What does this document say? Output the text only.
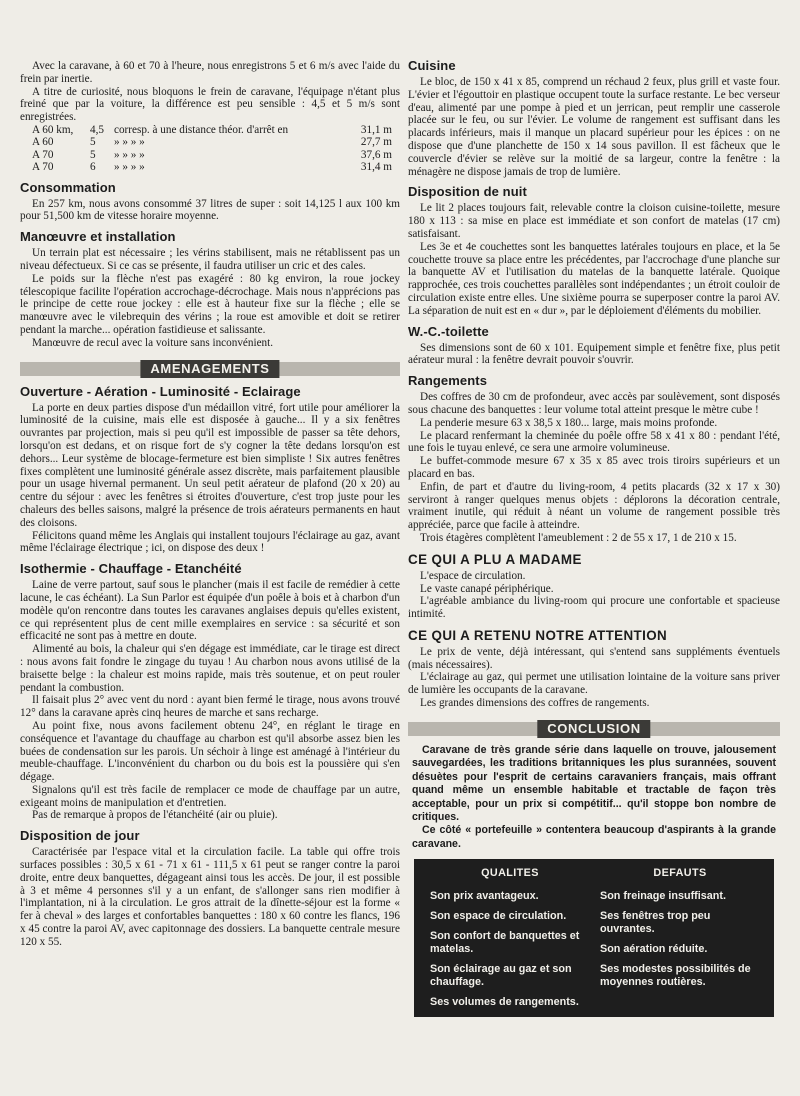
Avec la caravane, à 60 et 70 à l'heure, nous enregistrons 5 et 6 m/s avec l'aide du frein par inertie.

A titre de curiosité, nous bloquons le frein de caravane, l'équipage n'étant plus freiné que par la voiture, la différence est peu sensible : 4,5 et 5 m/s sont enregistrées.

A 60 km,	4,5	corresp. à une distance théor. d'arrêt en	31,1 m
A 60	5	» » » »	27,7 m
A 70	5	» » » »	37,6 m
A 70	6	» » » »	31,4 m
Consommation

En 257 km, nous avons consommé 37 litres de super : soit 14,125 l aux 100 km pour 51,500 km de vitesse horaire moyenne.

Manœuvre et installation

Un terrain plat est nécessaire ; les vérins stabilisent, mais ne rétablissent pas un niveau défectueux. Si ce cas se présente, il faudra utiliser un cric et des cales.

Le poids sur la flèche n'est pas exagéré : 80 kg environ, la roue jockey télescopique facilite l'opération accrochage-décrochage. Mais nous n'apprécions pas le principe de cette roue jockey : elle est à hauteur fixe sur la flèche ; elle se manœuvre avec le vilebrequin des vérins ; la roue est amovible et doit se retirer pendant la marche... opération fastidieuse et salissante.

Manœuvre de recul avec la voiture sans inconvénient.

AMENAGEMENTS
Ouverture - Aération - Luminosité - Eclairage

La porte en deux parties dispose d'un médaillon vitré, fort utile pour améliorer la luminosité de la cuisine, mais elle est disposée à gauche... Il y a six fenêtres ouvrantes par projection, mais si peu qu'il est impossible de passer sa tête dehors, lorsqu'on est dedans, et on risque fort de s'y cogner la tête dedans lorsqu'on est dehors... Leur système de blocage-fermeture est bien simpliste ! Six autres fenêtres fixes complètent une luminosité générale assez discrète, mais parfaitement plausible pour un usage hivernal permanent. Un seul petit aérateur de plafond (20 x 20) au centre du séjour : avec les fenêtres si étroites d'ouverture, c'est trop juste pour les chaleurs des belles saisons, malgré la présence de trois aérateurs permanents en haut des cloisons.

Félicitons quand même les Anglais qui installent toujours l'éclairage au gaz, avant même l'éclairage électrique ; ici, on dispose des deux !

Isothermie - Chauffage - Etanchéité

Laine de verre partout, sauf sous le plancher (mais il est facile de remédier à cette lacune, le cas échéant). La Sun Parlor est équipée d'un poêle à bois et à charbon d'un modèle qu'on rencontre dans toutes les caravanes anglaises depuis qu'elles existent, ce qui représentent plus de cent mille exemplaires en service : sa sécurité et son efficacité ne sont pas à mettre en doute.

Alimenté au bois, la chaleur qui s'en dégage est immédiate, car le tirage est direct : nous avons fait fondre le zingage du tuyau ! Au charbon nous avons utilisé de la braisette belge : la chaleur est moins rapide, mais très soutenue, et on peut rouler pendant la combustion.

Il faisait plus 2° avec vent du nord : ayant bien fermé le tirage, nous avons trouvé 12° dans la caravane après cinq heures de marche et sans recharge.

Au point fixe, nous avons facilement obtenu 24°, en réglant le tirage en conséquence et l'avantage du chauffage au charbon est qu'il absorbe assez bien les buées de condensation sur les parois. Un séchoir à linge est aménagé à l'intérieur du meuble-chauffage. L'inconvénient du charbon ou du bois est la poussière qui s'en dégage.

Signalons qu'il est très facile de remplacer ce mode de chauffage par un autre, exigeant moins de manipulation et d'entretien.

Pas de remarque à propos de l'étanchéité (air ou pluie).

Disposition de jour

Caractérisée par l'espace vital et la circulation facile. La table qui offre trois surfaces possibles : 30,5 x 61 - 71 x 61 - 111,5 x 61 peut se ranger contre la paroi droite, entre deux banquettes, dégageant ainsi tous les accès. De jour, il est possible à 3 et même 4 personnes s'il y a un enfant, de s'allonger sans rien modifier à l'implantation, ni à la circulation. Le gros attrait de la dînette-séjour est la forme « fer à cheval » des larges et confortables banquettes : 180 x 60 contre les flancs, 196 x 45 contre la paroi AV, avec capitonnage des dossiers. La banquette centrale mesure 120 x 55.

Cuisine

Le bloc, de 150 x 41 x 85, comprend un réchaud 2 feux, plus grill et vaste four. L'évier et l'égouttoir en plastique occupent toute la surface restante. Le bec verseur d'eau, alimenté par une pompe à pied et un jerrican, peut remplir une casserole placée sur le feu, ou sur l'évier. Le volume de rangement est suffisant dans les placards inférieurs, mais il manque un placard supérieur pour les épices : on ne dispose que d'une planchette de 150 x 14 sous pavillon. Il est fâcheux que le couvercle d'évier se relève sur la moitié de sa largeur, contre la fenêtre : la ménagère ne dispose jamais de trop de lumière.

Disposition de nuit

Le lit 2 places toujours fait, relevable contre la cloison cuisine-toilette, mesure 180 x 113 : sa mise en place est immédiate et son confort de matelas (17 cm) satisfaisant.

Les 3e et 4e couchettes sont les banquettes latérales toujours en place, et la 5e couchette trouve sa place entre les précédentes, par l'accrochage d'une planche sur la banquette AV et l'utilisation du matelas de la banquette latérale. Quoique rapprochée, ces trois couchettes parallèles sont indépendantes ; un étroit couloir de circulation existe entre elles. Une sixième pourra se superposer contre la paroi AV. La séparation de nuit est en « dur », par le déploiement d'éléments du mobilier.

W.-C.-toilette

Ses dimensions sont de 60 x 101. Equipement simple et fenêtre fixe, plus petit aérateur mural : la fenêtre devrait pouvoir s'ouvrir.

Rangements

Des coffres de 30 cm de profondeur, avec accès par soulèvement, sont disposés sous chacune des banquettes : leur volume total atteint presque le mètre cube !

La penderie mesure 63 x 38,5 x 180... large, mais moins profonde.

Le placard renfermant la cheminée du poêle offre 58 x 41 x 80 : pendant l'été, une fois le tuyau enlevé, ce sera une armoire volumineuse.

Le buffet-commode mesure 67 x 35 x 85 avec trois tiroirs supérieurs et un placard en bas.

Enfin, de part et d'autre du living-room, 4 petits placards (32 x 17 x 30) serviront à ranger quelques menus objets : déplorons la décoration centrale, vraiment inutile, qui réduit à néant un volume de rangement possible très appréciée, parce que facile à atteindre.

Trois étagères complètent l'ameublement : 2 de 55 x 17, 1 de 210 x 15.

CE QUI A PLU A MADAME

L'espace de circulation.

Le vaste canapé périphérique.

L'agréable ambiance du living-room qui procure une confortable et spacieuse intimité.

CE QUI A RETENU NOTRE ATTENTION

Le prix de vente, déjà intéressant, qui s'entend sans suppléments éventuels (mais nécessaires).

L'éclairage au gaz, qui permet une utilisation lointaine de la voiture sans priver de lumière les occupants de la caravane.

Les grandes dimensions des coffres de rangements.

CONCLUSION

Caravane de très grande série dans laquelle on trouve, jalousement sauvegardées, les traditions britanniques les plus surannées, souvent désuètes pour l'esprit de certains caravaniers français, mais offrant quand même un ensemble habitable et tractable de façon très acceptable, pour un prix si compétitif... qu'il stoppe bon nombre de critiques.

Ce côté « portefeuille » contentera beaucoup d'aspirants à la grande caravane.

QUALITES
Son prix avantageux.
Son espace de circulation.
Son confort de banquettes et matelas.
Son éclairage au gaz et son chauffage.
Ses volumes de rangements.
DEFAUTS
Son freinage insuffisant.
Ses fenêtres trop peu ouvrantes.
Son aération réduite.
Ses modestes possibilités de moyennes routières.
